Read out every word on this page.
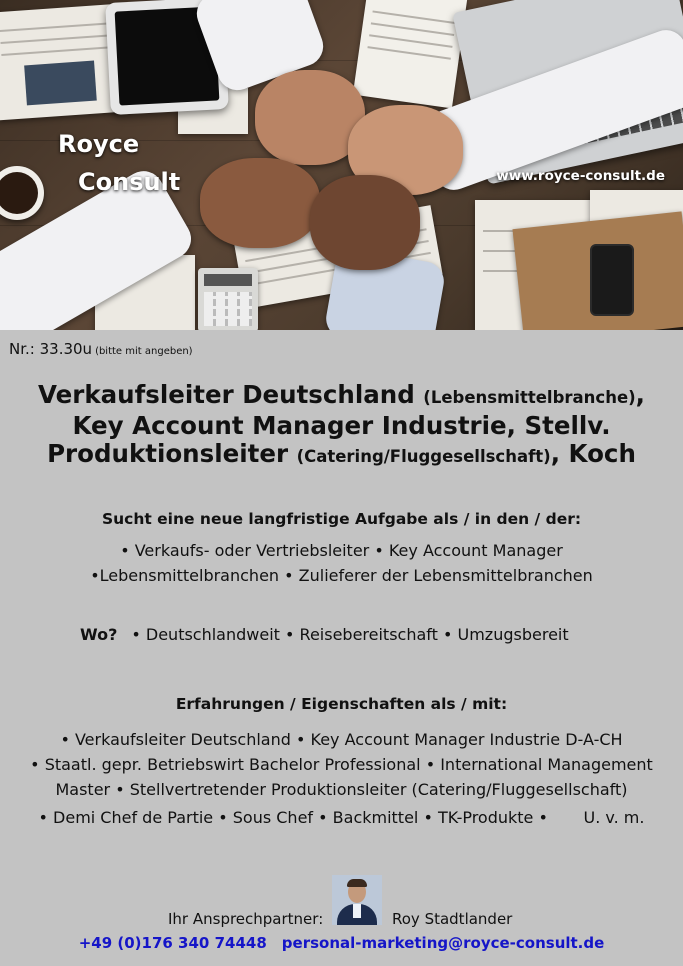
Royce
Consult	www.royce-consult.de
Nr.: 33.30u (bitte mit angeben)
Verkaufsleiter Deutschland (Lebensmittelbranche),
Key Account Manager Industrie, Stellv.
Produktionsleiter (Catering/Fluggesellschaft), Koch
Sucht eine neue langfristige Aufgabe als / in den / der:
• Verkaufs- oder Vertriebsleiter • Key Account Manager
•Lebensmittelbranchen • Zulieferer der Lebensmittelbranchen
Wo? • Deutschlandweit • Reisebereitschaft • Umzugsbereit
Erfahrungen / Eigenschaften als / mit:
• Verkaufsleiter Deutschland • Key Account Manager Industrie D-A-CH
• Staatl. gepr. Betriebswirt Bachelor Professional • International Management
Master • Stellvertretender Produktionsleiter (Catering/Fluggesellschaft)
• Demi Chef de Partie • Sous Chef • Backmittel • TK-Produkte •       U. v. m.
Ihr Ansprechpartner:	Roy Stadtlander
+49 (0)176 340 74448 personal-marketing@royce-consult.de
